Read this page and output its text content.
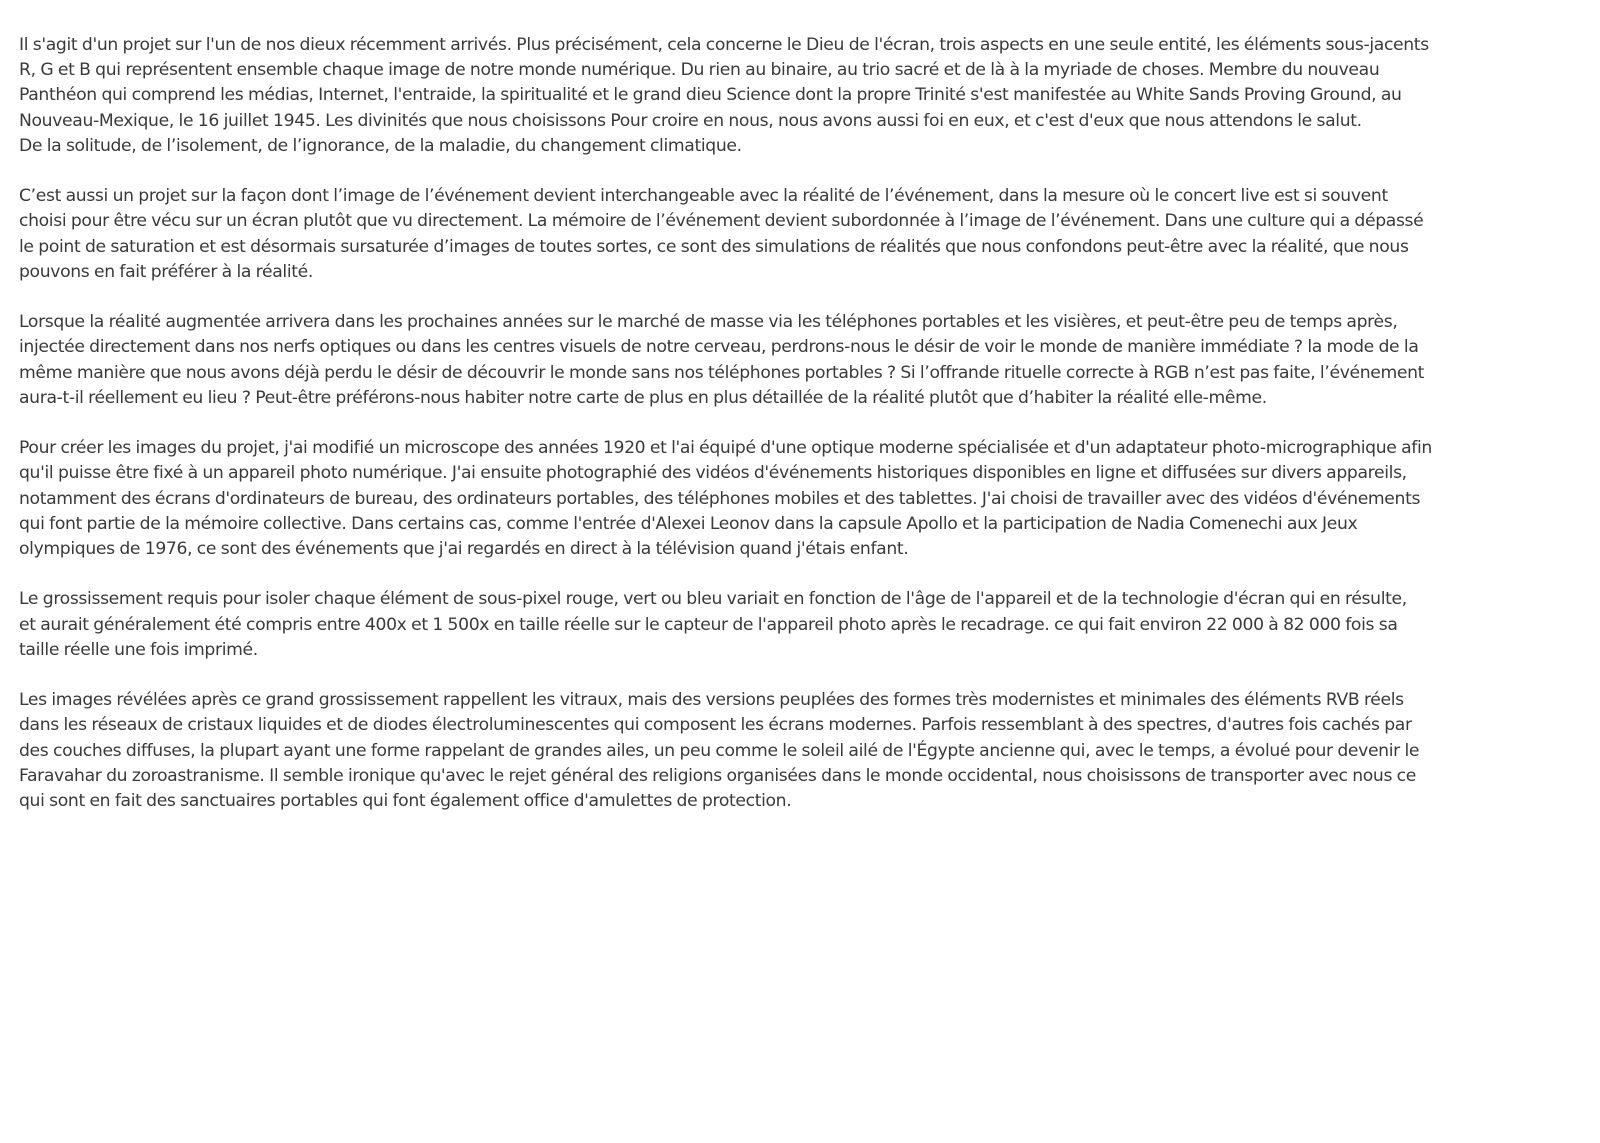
Il s'agit d'un projet sur l'un de nos dieux récemment arrivés. Plus précisément, cela concerne le Dieu de l'écran, trois aspects en une seule entité, les éléments sous-jacents
R, G et B qui représentent ensemble chaque image de notre monde numérique. Du rien au binaire, au trio sacré et de là à la myriade de choses. Membre du nouveau
Panthéon qui comprend les médias, Internet, l'entraide, la spiritualité et le grand dieu Science dont la propre Trinité s'est manifestée au White Sands Proving Ground, au
Nouveau-Mexique, le 16 juillet 1945. Les divinités que nous choisissons Pour croire en nous, nous avons aussi foi en eux, et c'est d'eux que nous attendons le salut.
De la solitude, de l’isolement, de l’ignorance, de la maladie, du changement climatique.

C’est aussi un projet sur la façon dont l’image de l’événement devient interchangeable avec la réalité de l’événement, dans la mesure où le concert live est si souvent
choisi pour être vécu sur un écran plutôt que vu directement. La mémoire de l’événement devient subordonnée à l’image de l’événement. Dans une culture qui a dépassé
le point de saturation et est désormais sursaturée d’images de toutes sortes, ce sont des simulations de réalités que nous confondons peut-être avec la réalité, que nous
pouvons en fait préférer à la réalité.

Lorsque la réalité augmentée arrivera dans les prochaines années sur le marché de masse via les téléphones portables et les visières, et peut-être peu de temps après,
injectée directement dans nos nerfs optiques ou dans les centres visuels de notre cerveau, perdrons-nous le désir de voir le monde de manière immédiate ? la mode de la
même manière que nous avons déjà perdu le désir de découvrir le monde sans nos téléphones portables ? Si l’offrande rituelle correcte à RGB n’est pas faite, l’événement
aura-t-il réellement eu lieu ? Peut-être préférons-nous habiter notre carte de plus en plus détaillée de la réalité plutôt que d’habiter la réalité elle-même.

Pour créer les images du projet, j'ai modifié un microscope des années 1920 et l'ai équipé d'une optique moderne spécialisée et d'un adaptateur photo-micrographique afin
qu'il puisse être fixé à un appareil photo numérique. J'ai ensuite photographié des vidéos d'événements historiques disponibles en ligne et diffusées sur divers appareils,
notamment des écrans d'ordinateurs de bureau, des ordinateurs portables, des téléphones mobiles et des tablettes. J'ai choisi de travailler avec des vidéos d'événements
qui font partie de la mémoire collective. Dans certains cas, comme l'entrée d'Alexei Leonov dans la capsule Apollo et la participation de Nadia Comenechi aux Jeux
olympiques de 1976, ce sont des événements que j'ai regardés en direct à la télévision quand j'étais enfant.

Le grossissement requis pour isoler chaque élément de sous-pixel rouge, vert ou bleu variait en fonction de l'âge de l'appareil et de la technologie d'écran qui en résulte,
et aurait généralement été compris entre 400x et 1 500x en taille réelle sur le capteur de l'appareil photo après le recadrage. ce qui fait environ 22 000 à 82 000 fois sa
taille réelle une fois imprimé.

Les images révélées après ce grand grossissement rappellent les vitraux, mais des versions peuplées des formes très modernistes et minimales des éléments RVB réels
dans les réseaux de cristaux liquides et de diodes électroluminescentes qui composent les écrans modernes. Parfois ressemblant à des spectres, d'autres fois cachés par
des couches diffuses, la plupart ayant une forme rappelant de grandes ailes, un peu comme le soleil ailé de l'Égypte ancienne qui, avec le temps, a évolué pour devenir le
Faravahar du zoroastranisme. Il semble ironique qu'avec le rejet général des religions organisées dans le monde occidental, nous choisissons de transporter avec nous ce
qui sont en fait des sanctuaires portables qui font également office d'amulettes de protection.
